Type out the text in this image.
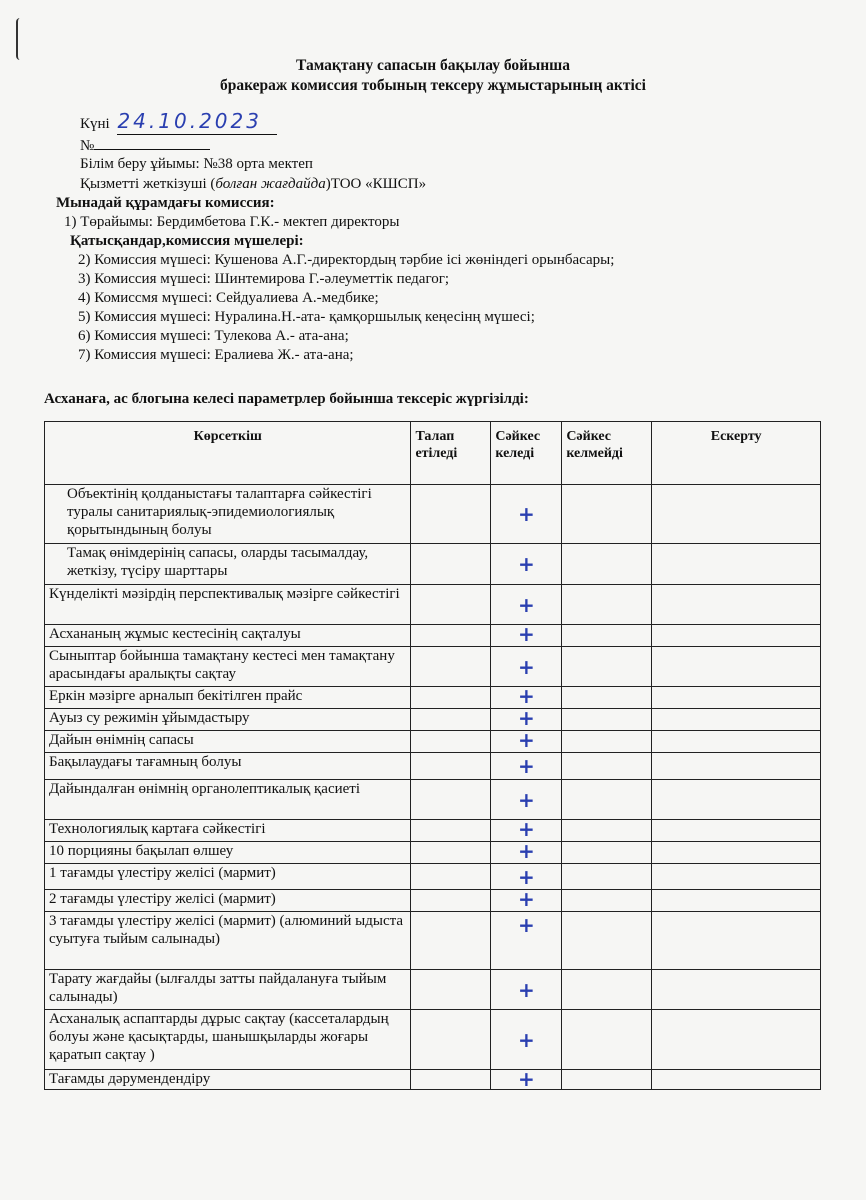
Тамақтану сапасын бақылау бойынша
бракераж комиссия тобының тексеру жұмыстарының актісі
Күні 24.10.2023
№
Білім беру ұйымы: №38 орта мектеп
Қызметті жеткізуші (болған жағдайда)ТОО «КШСП»
Мынадай құрамдағы комиссия:
1) Төрайымы: Бердимбетова Г.К.- мектеп директоры
Қатысқандар,комиссия мүшелері:
2) Комиссия мүшесі: Кушенова А.Г.-директордың тәрбие ісі жөніндегі орынбасары;
3) Комиссия мүшесі: Шинтемирова Г.-әлеуметтік педагог;
4) Комиссмя мүшесі: Сейдуалиева А.-медбике;
5) Комиссия мүшесі: Нуралина.Н.-ата- қамқоршылық кеңесінң мүшесі;
6) Комиссия мүшесі: Тулекова А.- ата-ана;
7) Комиссия мүшесі: Ералиева Ж.- ата-ана;
Асханаға, ас блогына келесі параметрлер бойынша тексеріс жүргізілді:
Көрсеткіш	Талап етіледі	Сәйкес келеді	Сәйкес келмейді	Ескерту
Объектінің қолданыстағы талаптарға сәйкестігі туралы санитариялық-эпидемиологиялық қорытындының болуы		+		

Тамақ өнімдерінің сапасы, оларды тасымалдау, жеткізу, түсіру шарттары		+		

Күнделікті мәзірдің перспективалық мәзірге сәйкестігі		+		

Асхананың жұмыс кестесінің сақталуы		+		

Сыныптар бойынша тамақтану кестесі мен тамақтану арасындағы аралықты сақтау		+		

Еркін мәзірге арналып бекітілген прайс		+		

Ауыз су режимін ұйымдастыру		+		

Дайын өнімнің сапасы		+		

Бақылаудағы тағамның болуы		+		

Дайындалған өнімнің органолептикалық қасиеті		+		

Технологиялық картаға сәйкестігі		+		

10 порцияны бақылап өлшеу		+		

1 тағамды үлестіру желісі (мармит)		+		

2 тағамды үлестіру желісі (мармит)		+		

3 тағамды үлестіру желісі (мармит) (алюминий ыдыста суытуға тыйым салынады)		+		

Тарату жағдайы (ылғалды затты пайдалануға тыйым салынады)		+		

Асханалық аспаптарды дұрыс сақтау (кассеталардың болуы және қасықтарды, шанышқыларды жоғары қаратып сақтау )		+		

Тағамды дәрумендендіру		+		
